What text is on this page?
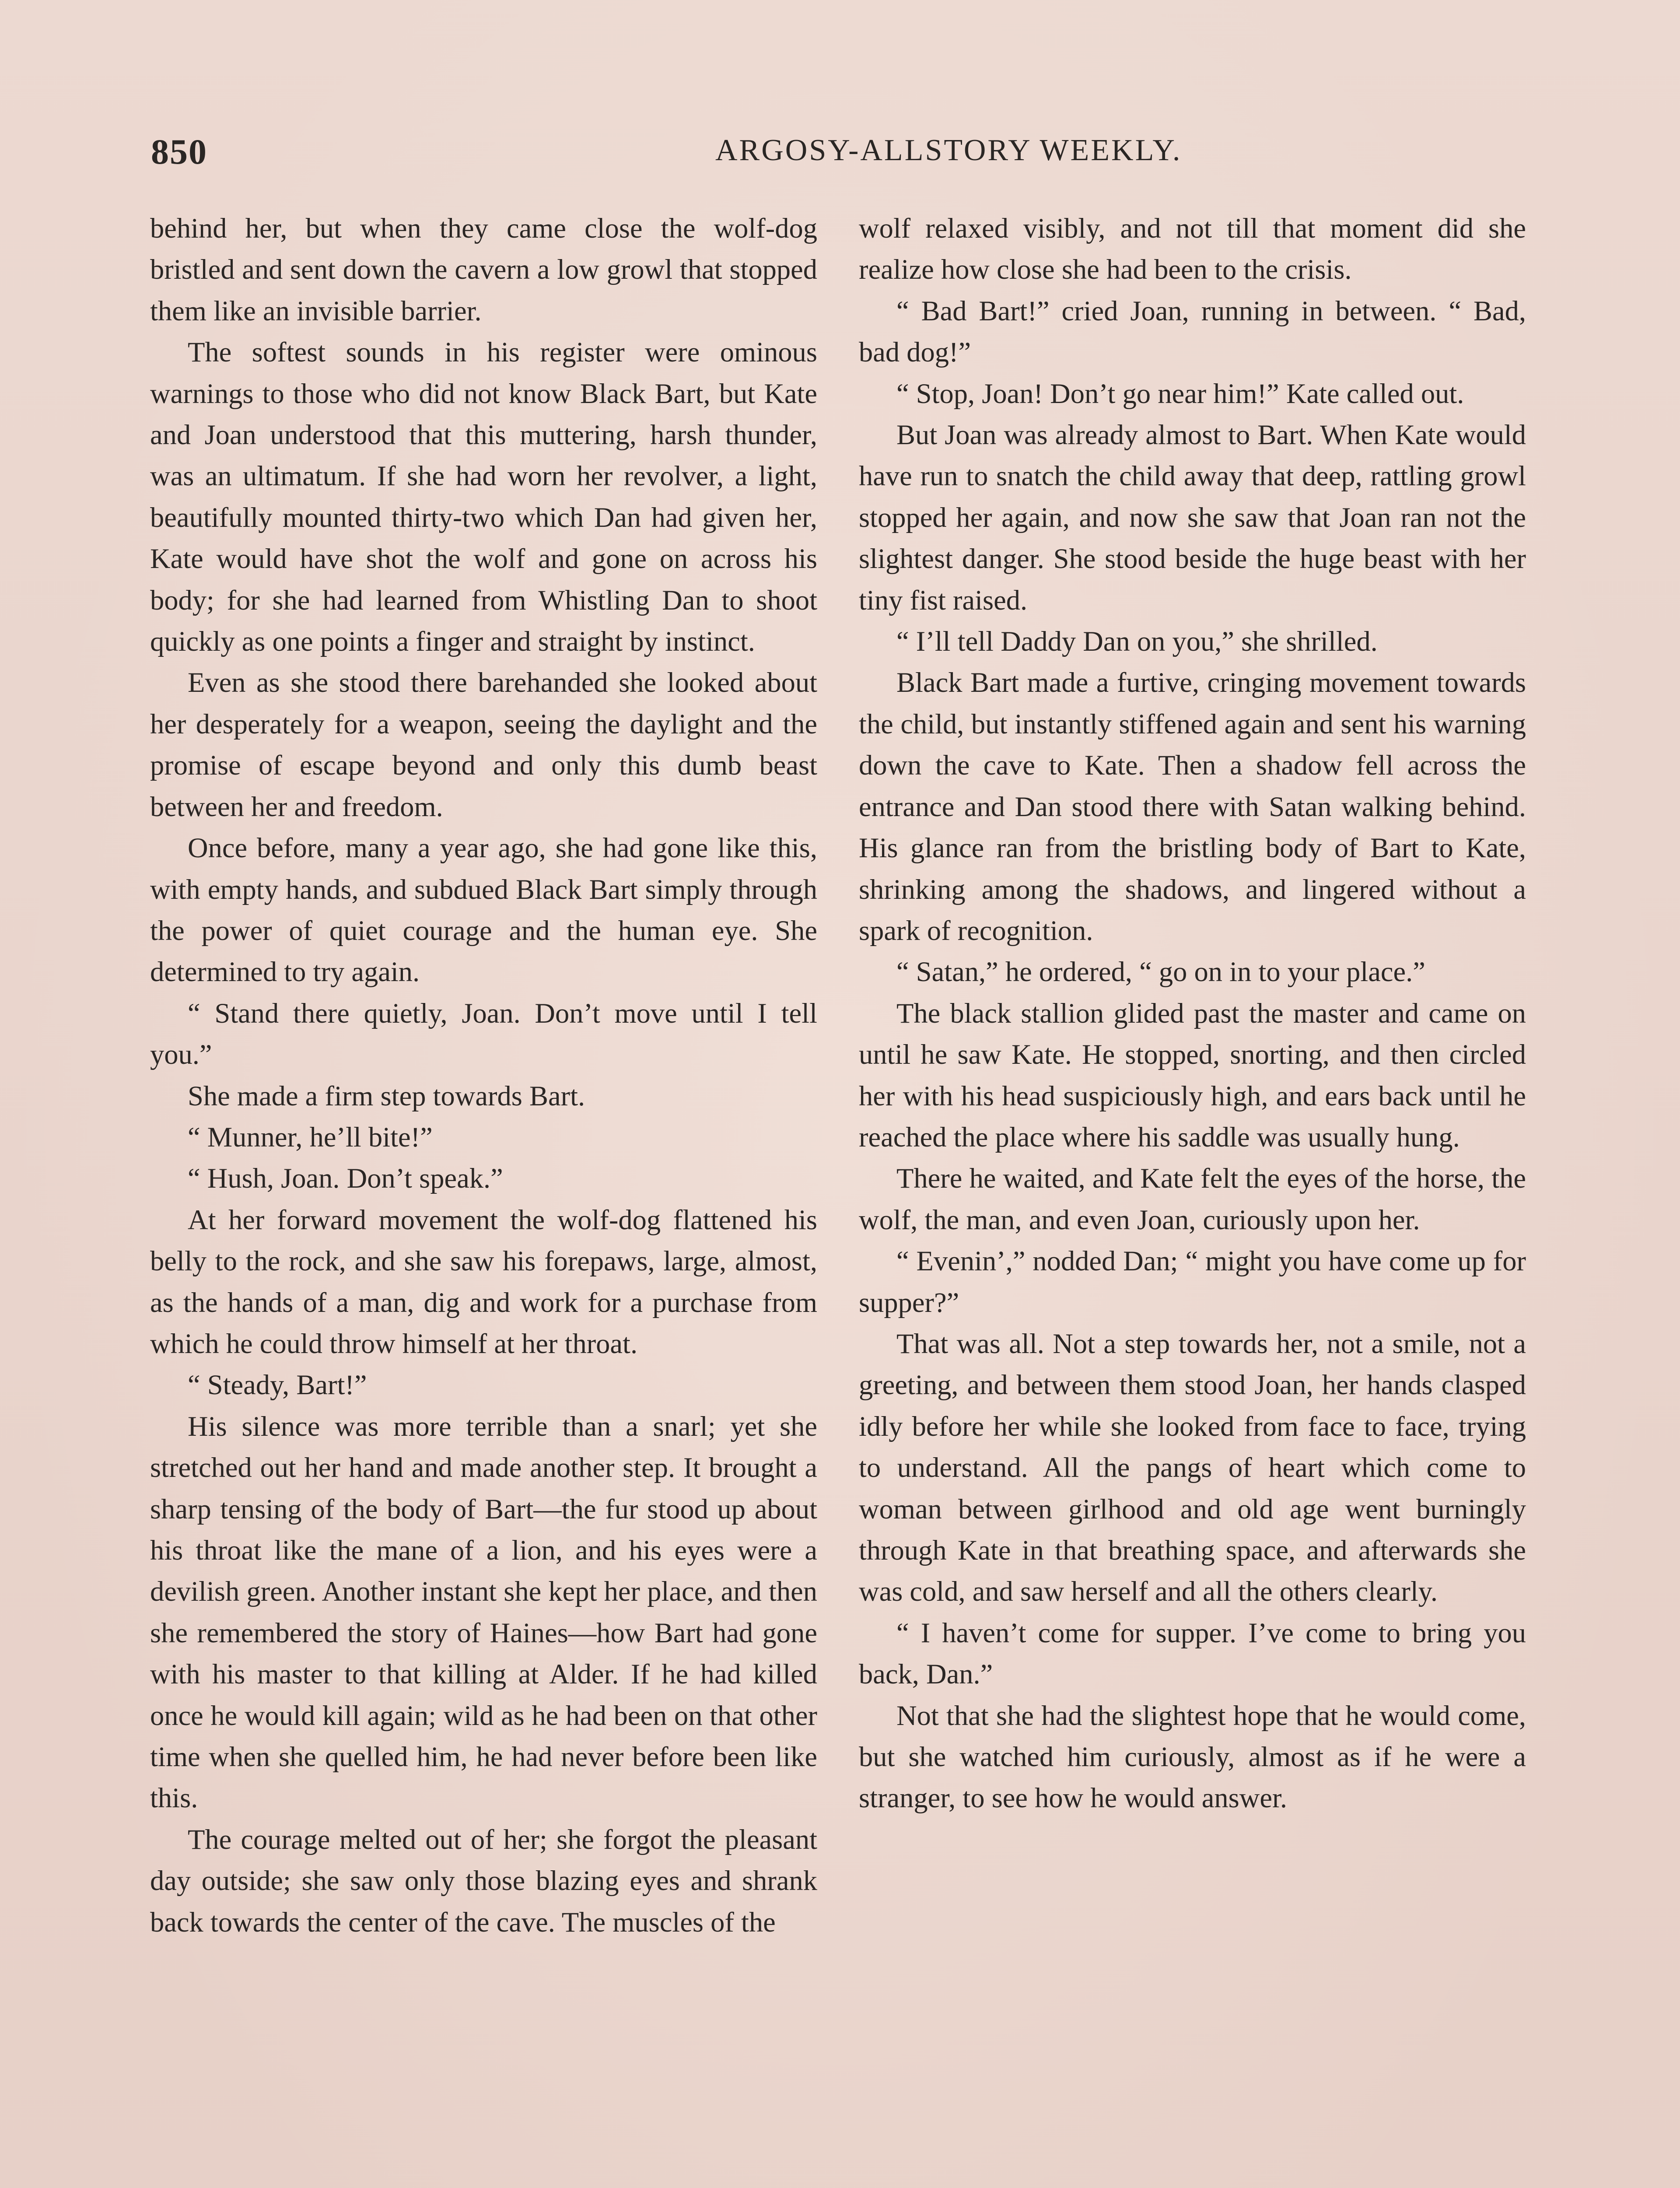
850	ARGOSY-ALLSTORY WEEKLY.

behind her, but when they came close the wolf-dog bristled and sent down the cavern a low growl that stopped them like an invisible barrier.

The softest sounds in his register were ominous warnings to those who did not know Black Bart, but Kate and Joan understood that this muttering, harsh thunder, was an ultimatum. If she had worn her revolver, a light, beautifully mounted thirty-two which Dan had given her, Kate would have shot the wolf and gone on across his body; for she had learned from Whistling Dan to shoot quickly as one points a finger and straight by instinct.

Even as she stood there barehanded she looked about her desperately for a weapon, seeing the daylight and the promise of escape beyond and only this dumb beast between her and freedom.

Once before, many a year ago, she had gone like this, with empty hands, and subdued Black Bart simply through the power of quiet courage and the human eye. She determined to try again.

“ Stand there quietly, Joan. Don’t move until I tell you.”

She made a firm step towards Bart.

“ Munner, he’ll bite!”

“ Hush, Joan. Don’t speak.”

At her forward movement the wolf-dog flattened his belly to the rock, and she saw his forepaws, large, almost, as the hands of a man, dig and work for a purchase from which he could throw himself at her throat.

“ Steady, Bart!”

His silence was more terrible than a snarl; yet she stretched out her hand and made another step. It brought a sharp tensing of the body of Bart—the fur stood up about his throat like the mane of a lion, and his eyes were a devilish green. Another instant she kept her place, and then she remembered the story of Haines—how Bart had gone with his master to that killing at Alder. If he had killed once he would kill again; wild as he had been on that other time when she quelled him, he had never before been like this.

The courage melted out of her; she forgot the pleasant day outside; she saw only those blazing eyes and shrank back towards the center of the cave. The muscles of the

wolf relaxed visibly, and not till that moment did she realize how close she had been to the crisis.

“ Bad Bart!” cried Joan, running in between. “ Bad, bad dog!”

“ Stop, Joan! Don’t go near him!” Kate called out.

But Joan was already almost to Bart. When Kate would have run to snatch the child away that deep, rattling growl stopped her again, and now she saw that Joan ran not the slightest danger. She stood beside the huge beast with her tiny fist raised.

“ I’ll tell Daddy Dan on you,” she shrilled.

Black Bart made a furtive, cringing movement towards the child, but instantly stiffened again and sent his warning down the cave to Kate. Then a shadow fell across the entrance and Dan stood there with Satan walking behind. His glance ran from the bristling body of Bart to Kate, shrinking among the shadows, and lingered without a spark of recognition.

“ Satan,” he ordered, “ go on in to your place.”

The black stallion glided past the master and came on until he saw Kate. He stopped, snorting, and then circled her with his head suspiciously high, and ears back until he reached the place where his saddle was usually hung.

There he waited, and Kate felt the eyes of the horse, the wolf, the man, and even Joan, curiously upon her.

“ Evenin’,” nodded Dan; “ might you have come up for supper?”

That was all. Not a step towards her, not a smile, not a greeting, and between them stood Joan, her hands clasped idly before her while she looked from face to face, trying to understand. All the pangs of heart which come to woman between girlhood and old age went burningly through Kate in that breathing space, and afterwards she was cold, and saw herself and all the others clearly.

“ I haven’t come for supper. I’ve come to bring you back, Dan.”

Not that she had the slightest hope that he would come, but she watched him curiously, almost as if he were a stranger, to see how he would answer.
